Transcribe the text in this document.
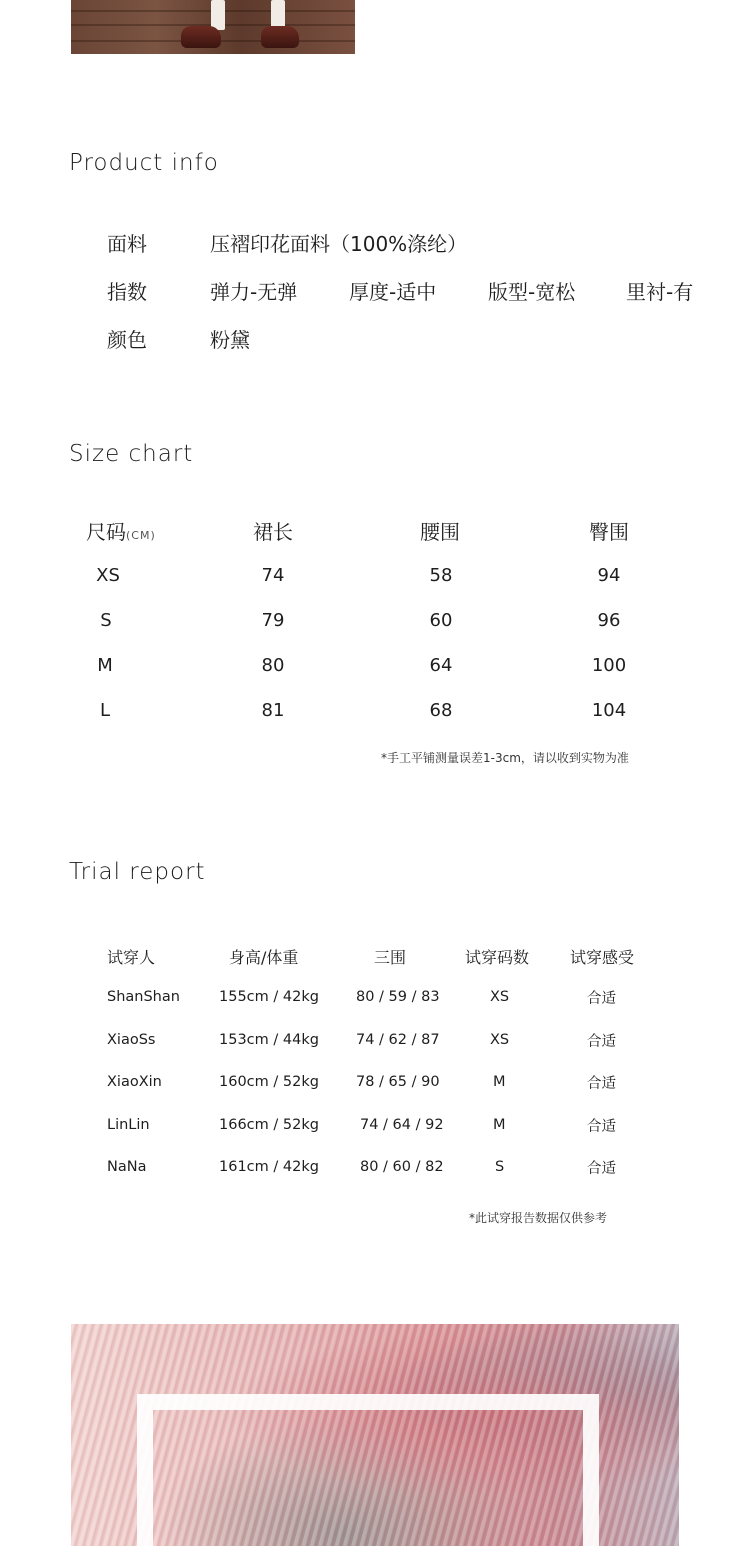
Product info
面料	压褶印花面料（100%涤纶）
指数	弹力-无弹	厚度-适中	版型-宽松	里衬-有
颜色	粉黛
Size chart
尺码(CM)	裙长	腰围	臀围
XS	74	58	94
S	79	60	96
M	80	64	100
L	81	68	104
*手工平铺测量误差1-3cm，请以收到实物为准
Trial report
试穿人	身高/体重	三围	试穿码数	试穿感受
ShanShan	155cm / 42kg	80 / 59 / 83	XS	合适
XiaoSs	153cm / 44kg	74 / 62 / 87	XS	合适
XiaoXin	160cm / 52kg	78 / 65 / 90	M	合适
LinLin	166cm / 52kg	74 / 64 / 92	M	合适
NaNa	161cm / 42kg	80 / 60 / 82	S	合适
*此试穿报告数据仅供参考
